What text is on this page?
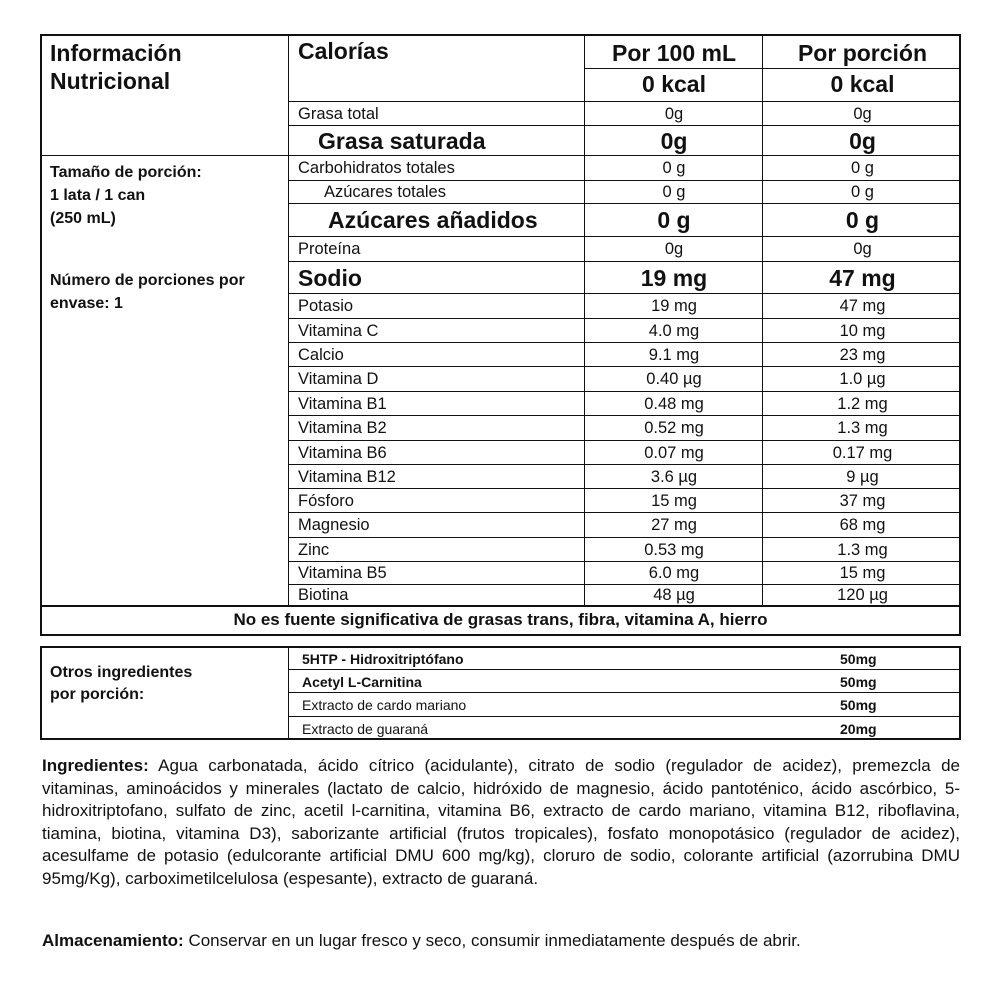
Información
Nutricional
Calorías	Por 100 mL	Por porción
0 kcal	0 kcal
Tamaño de porción:
1 lata / 1 can
(250 mL)
Número de porciones por
envase: 1
Grasa total	0g	0g
Grasa saturada	0g	0g
Carbohidratos totales	0 g	0 g
Azúcares totales	0 g	0 g
Azúcares añadidos	0 g	0 g
Proteína	0g	0g
Sodio	19 mg	47 mg
Potasio	19 mg	47 mg
Vitamina C	4.0 mg	10 mg
Calcio	9.1 mg	23 mg
Vitamina D	0.40 µg	1.0 µg
Vitamina B1	0.48 mg	1.2 mg
Vitamina B2	0.52 mg	1.3 mg
Vitamina B6	0.07 mg	0.17 mg
Vitamina B12	3.6 µg	9 µg
Fósforo	15 mg	37 mg
Magnesio	27 mg	68 mg
Zinc	0.53 mg	1.3 mg
Vitamina B5	6.0 mg	15 mg
Biotina	48 µg	120 µg
No es fuente significativa de grasas trans, fibra, vitamina A, hierro
Otros ingredientes
por porción:
5HTP - Hidroxitriptófano	50mg
Acetyl L-Carnitina	50mg
Extracto de cardo mariano	50mg
Extracto de guaraná	20mg
Ingredientes: Agua carbonatada, ácido cítrico (acidulante), citrato de sodio (regulador de acidez), premezcla de vitaminas, aminoácidos y minerales (lactato de calcio, hidróxido de magnesio, ácido pantoténico, ácido ascórbico, 5-hidroxitriptofano, sulfato de zinc, acetil l-carnitina, vitamina B6, extracto de cardo mariano, vitamina B12, riboflavina, tiamina, biotina, vitamina D3), saborizante artificial (frutos tropicales), fosfato monopotásico (regulador de acidez), acesulfame de potasio (edulcorante artificial DMU 600 mg/kg), cloruro de sodio, colorante artificial (azorrubina DMU 95mg/Kg), carboximetilcelulosa (espesante), extracto de guaraná.
Almacenamiento: Conservar en un lugar fresco y seco, consumir inmediatamente después de abrir.
